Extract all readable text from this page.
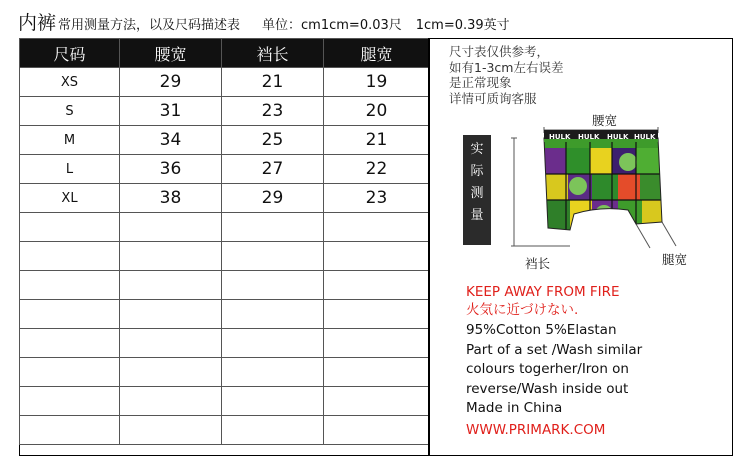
内裤 常用测量方法，以及尺码描述表 单位：cm1cm=0.03尺 1cm=0.39英寸
尺码	腰宽	裆长	腿宽
XS	29	21	19
S	31	23	20
M	34	25	21
L	36	27	22
XL	38	29	23

尺寸表仅供参考，
如有1-3cm左右误差
是正常现象
详情可质询客服
腰宽
实
际
测
量
HULK HULK HULK HULK
裆长	腿宽
KEEP AWAY FROM FIRE
火気に近づけない.
95%Cotton 5%Elastan
Part of a set /Wash similar
colours togerher/Iron on
reverse/Wash inside out
Made in China
WWW.PRIMARK.COM
